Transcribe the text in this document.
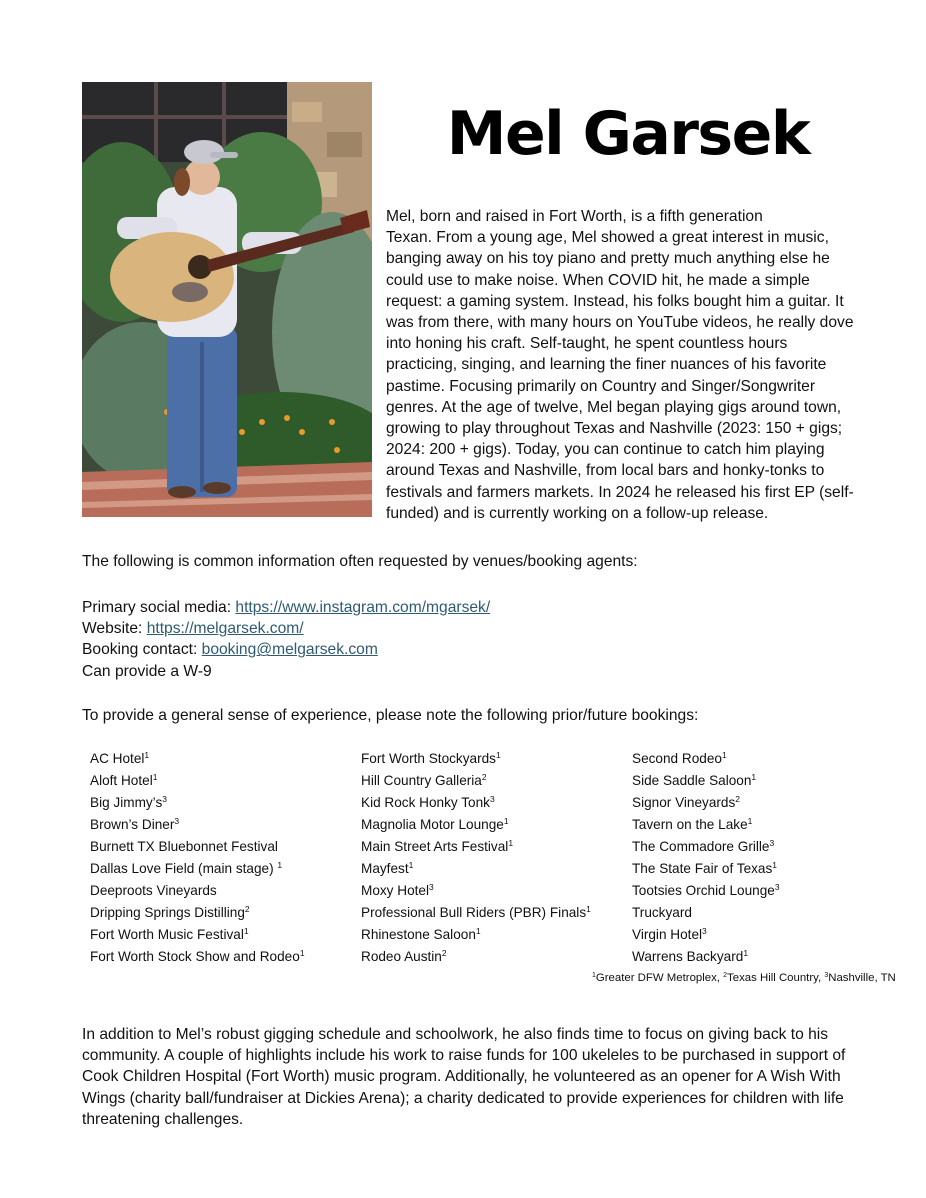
Mel Garsek

Mel, born and raised in Fort Worth, is a fifth generation
Texan. From a young age, Mel showed a great interest in music,
banging away on his toy piano and pretty much anything else he
could use to make noise. When COVID hit, he made a simple
request: a gaming system. Instead, his folks bought him a guitar. It
was from there, with many hours on YouTube videos, he really dove
into honing his craft. Self-taught, he spent countless hours
practicing, singing, and learning the finer nuances of his favorite
pastime. Focusing primarily on Country and Singer/Songwriter
genres. At the age of twelve, Mel began playing gigs around town,
growing to play throughout Texas and Nashville (2023: 150 + gigs;
2024: 200 + gigs). Today, you can continue to catch him playing
around Texas and Nashville, from local bars and honky-tonks to
festivals and farmers markets. In 2024 he released his first EP (self-
funded) and is currently working on a follow-up release.

The following is common information often requested by venues/booking agents:

Primary social media: https://www.instagram.com/mgarsek/
Website: https://melgarsek.com/
Booking contact: booking@melgarsek.com
Can provide a W-9

To provide a general sense of experience, please note the following prior/future bookings:

AC Hotel$^1$
Aloft Hotel$^1$
Big $Jimmy’s^3$
Brown’s Diner$^3$
Burnett TX Bluebonnet Festival
Dallas Love Field (main stage) $^1$
Deeproots Vineyards
Dripping Springs Distilling$^2$
Fort Worth Music Festival$^1$
Fort Worth Stock Show and Rodeo$^1$
Fort Worth Stockyards$^1$
Hill Country Galleria$^2$
Kid Rock Honky Tonk$^3$
Magnolia Motor Lounge$^1$
Main Street Arts Festival$^1$
Mayfest$^1$
Moxy Hotel$^3$
Professional Bull Riders (PBR) Finals$^1$
Rhinestone Saloon$^1$
Rodeo Austin$^2$
Second Rodeo$^1$
Side Saddle Saloon$^1$
Signor Vineyards$^2$
Tavern on the Lake$^1$
The Commadore Grille$^3$
The State Fair of Texas$^1$
Tootsies Orchid Lounge$^3$
Truckyard
Virgin Hotel$^3$
Warrens Backyard$^1$
$^1$Greater DFW Metroplex, $^2$Texas Hill Country, $^3$Nashville, TN

In addition to Mel’s robust gigging schedule and schoolwork, he also finds time to focus on giving back to his community. A couple of highlights include his work to raise funds for 100 ukeleles to be purchased in support of Cook Children Hospital (Fort Worth) music program. Additionally, he volunteered as an opener for A Wish With Wings (charity ball/fundraiser at Dickies Arena); a charity dedicated to provide experiences for children with life threatening challenges.
